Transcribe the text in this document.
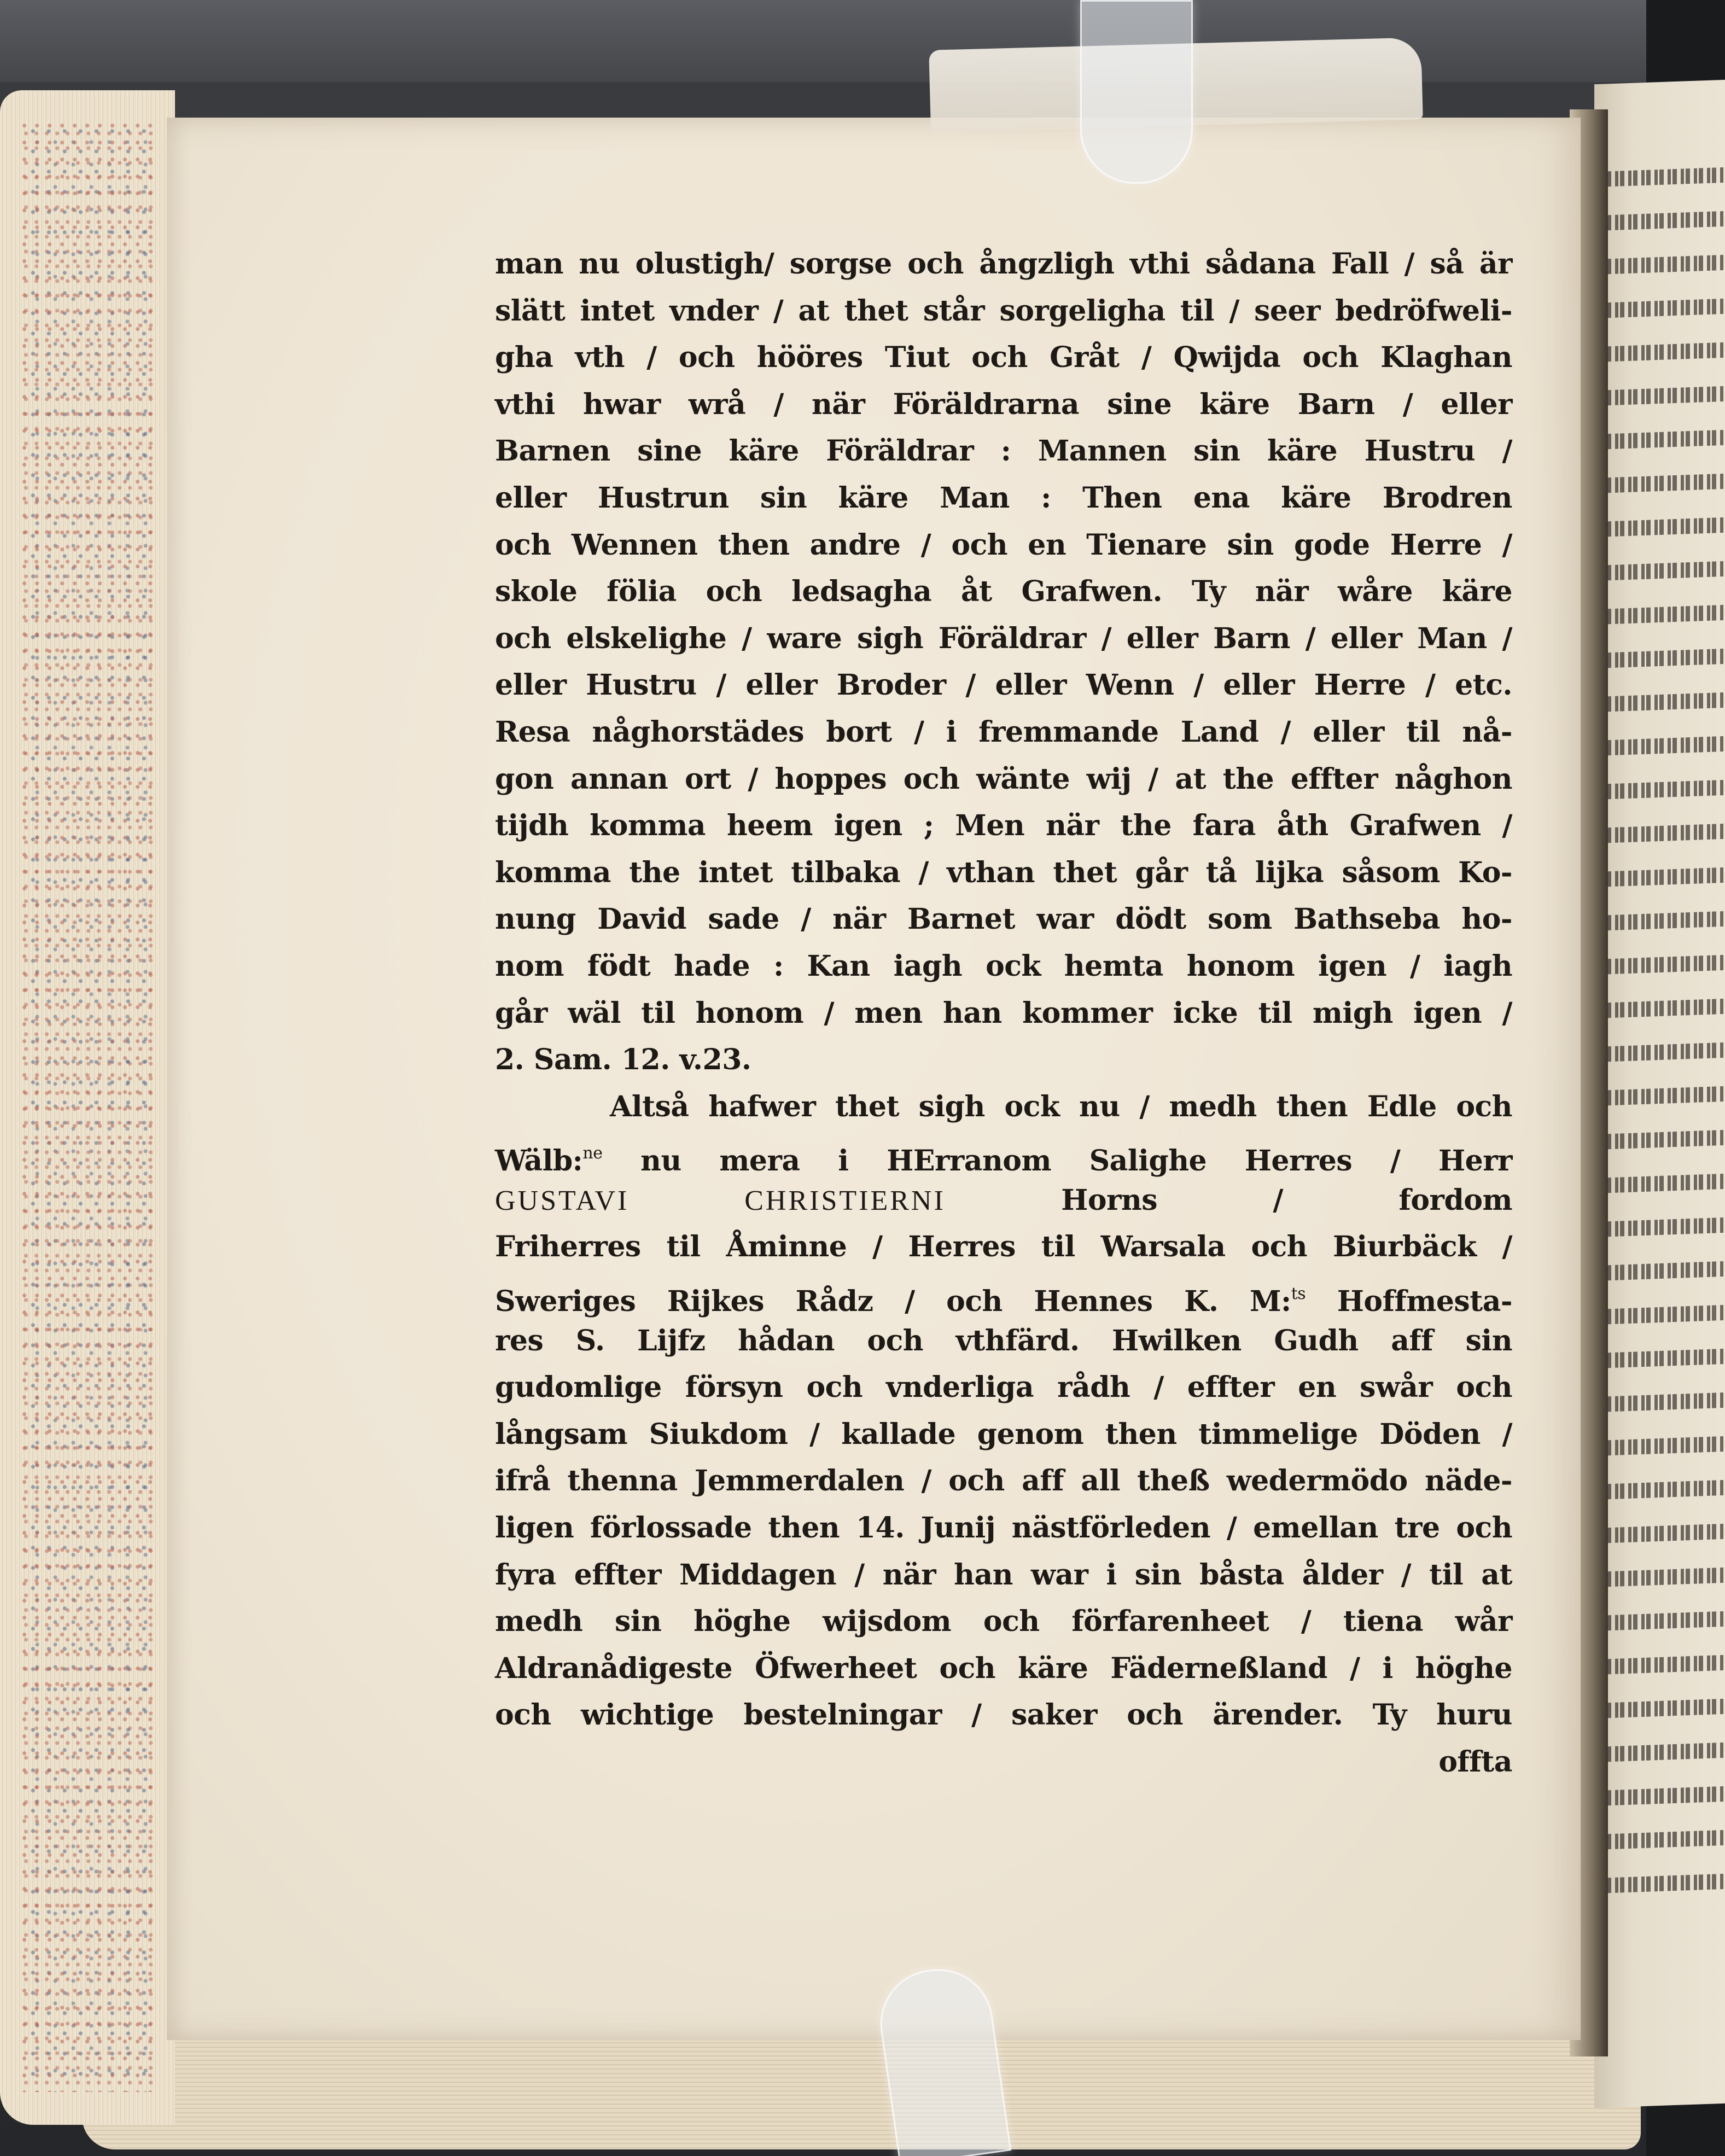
man nu olustigh/ sorgse och ångzligh vthi sådana Fall / så är
slätt intet vnder / at thet står sorgeligha til / seer bedröfweli-
gha vth / och hööres Tiut och Gråt / Qwijda och Klaghan
vthi hwar wrå / när Föräldrarna sine käre Barn / eller
Barnen sine käre Föräldrar : Mannen sin käre Hustru /
eller Hustrun sin käre Man : Then ena käre Brodren
och Wennen then andre / och en Tienare sin gode Herre /
skole fölia och ledsagha åt Grafwen. Ty när wåre käre
och elskelighe / ware sigh Föräldrar / eller Barn / eller Man /
eller Hustru / eller Broder / eller Wenn / eller Herre / etc.
Resa någhorstädes bort / i fremmande Land / eller til nå-
gon annan ort / hoppes och wänte wij / at the effter någhon
tijdh komma heem igen ; Men när the fara åth Grafwen /
komma the intet tilbaka / vthan thet går tå lijka såsom Ko-
nung David sade / när Barnet war dödt som Bathseba ho-
nom födt hade : Kan iagh ock hemta honom igen / iagh
går wäl til honom / men han kommer icke til migh igen /
2. Sam. 12. v.23.
Altså hafwer thet sigh ock nu / medh then Edle och
Wälb:$^{ne}$ nu mera i HErranom Salighe Herres / Herr
GUSTAVI CHRISTIERNI Horns / fordom
Friherres til Åminne / Herres til Warsala och Biurbäck /
Sweriges Rijkes Rådz / och Hennes K. M:$^{ts}$ Hoffmesta-
res S. Lijfz hådan och vthfärd. Hwilken Gudh aff sin
gudomlige försyn och vnderliga rådh / effter en swår och
långsam Siukdom / kallade genom then timmelige Döden /
ifrå thenna Jemmerdalen / och aff all theß wedermödo näde-
ligen förlossade then 14. Junij nästförleden / emellan tre och
fyra effter Middagen / när han war i sin båsta ålder / til at
medh sin höghe wijsdom och förfarenheet / tiena wår
Aldranådigeste Öfwerheet och käre Fäderneßland / i höghe
och wichtige bestelningar / saker och ärender. Ty huru
offta
